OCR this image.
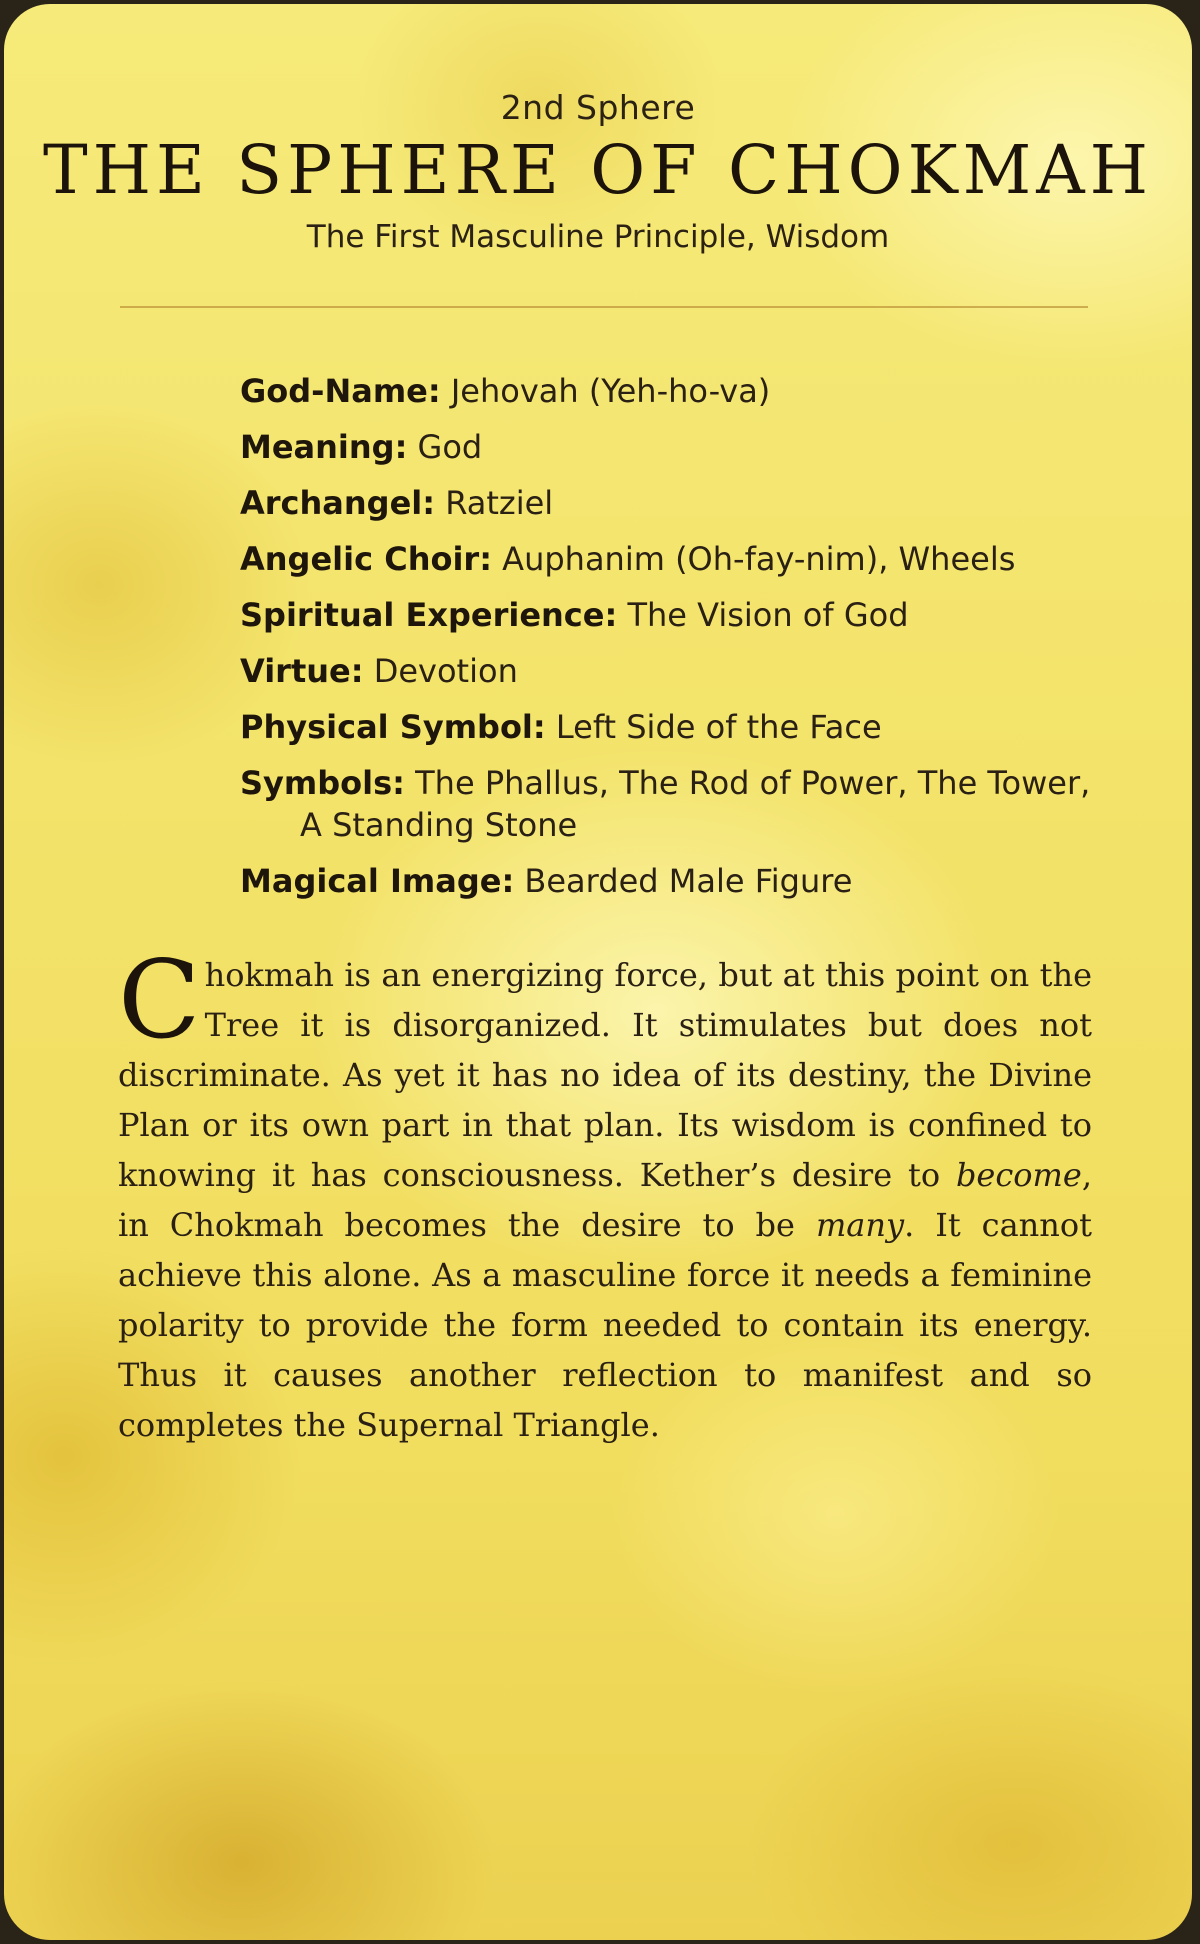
2nd Sphere
THE SPHERE OF CHOKMAH
The First Masculine Principle, Wisdom
God-Name: Jehovah (Yeh-ho-va)
Meaning: God
Archangel: Ratziel
Angelic Choir: Auphanim (Oh-fay-nim), Wheels
Spiritual Experience: The Vision of God
Virtue: Devotion
Physical Symbol: Left Side of the Face
Symbols: The Phallus, The Rod of Power, The Tower, A Standing Stone
Magical Image: Bearded Male Figure
Chokmah is an energizing force, but at this point on the Tree it is disorganized. It stimulates but does not discriminate. As yet it has no idea of its destiny, the Divine Plan or its own part in that plan. Its wisdom is confined to knowing it has consciousness. Kether’s desire to become, in Chokmah becomes the desire to be many. It cannot achieve this alone. As a masculine force it needs a feminine polarity to provide the form needed to contain its energy. Thus it causes another reflection to manifest and so completes the Supernal Triangle.
